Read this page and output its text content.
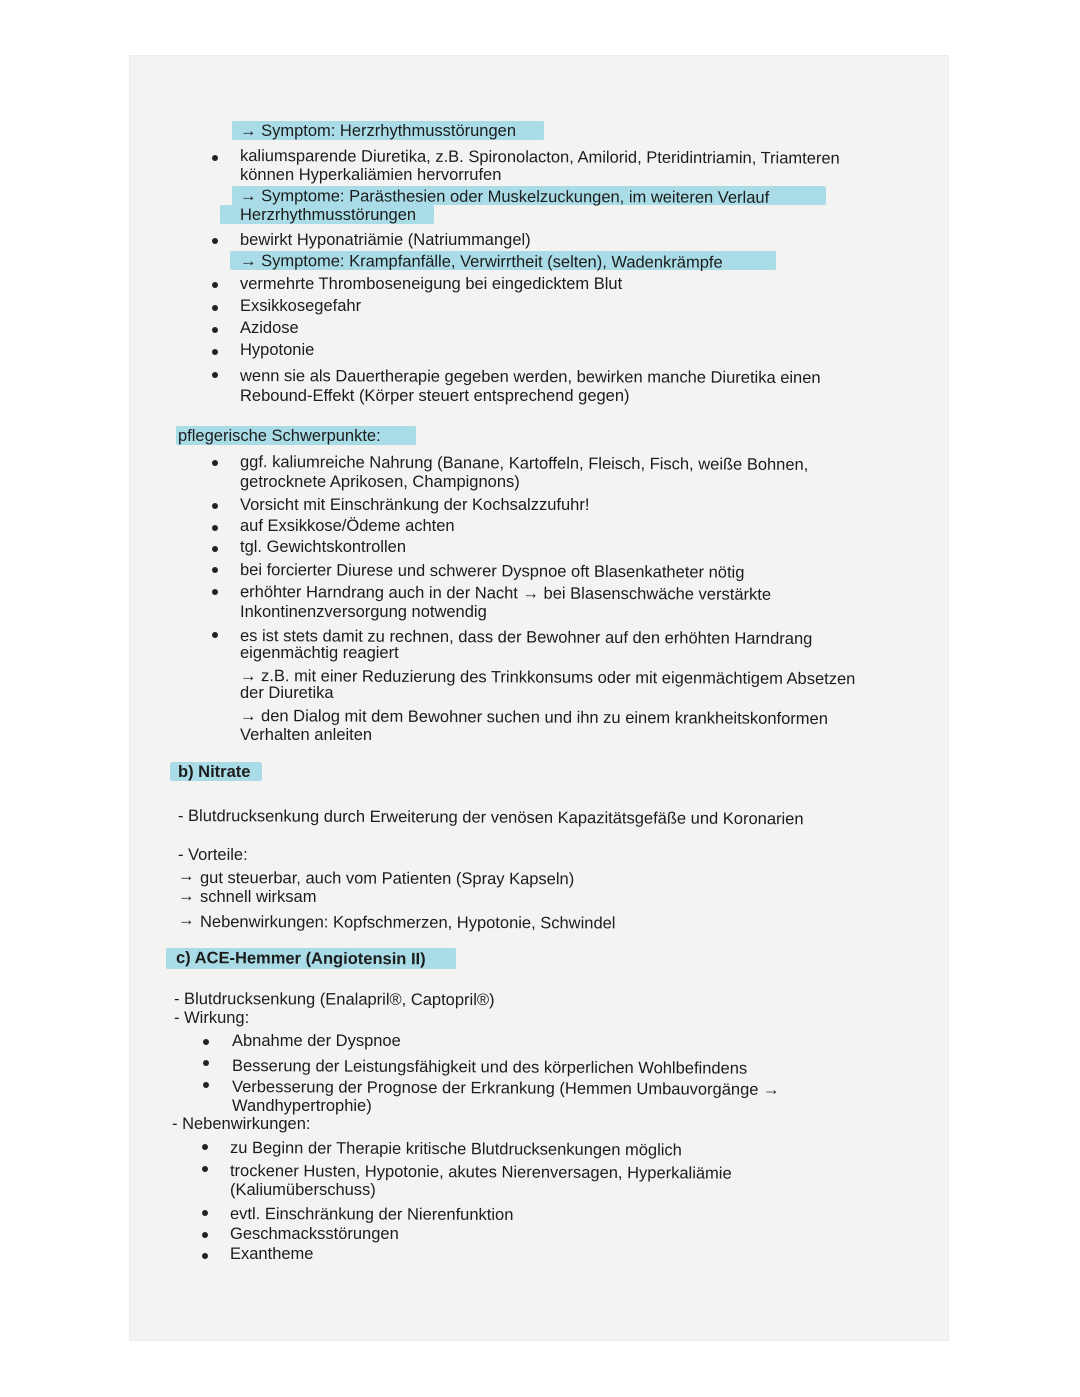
→ Symptom: Herzrhythmusstörungen
kaliumsparende Diuretika, z.B. Spironolacton, Amilorid, Pteridintriamin, Triamteren
können Hyperkaliämien hervorrufen
→ Symptome: Parästhesien oder Muskelzuckungen, im weiteren Verlauf
Herzrhythmusstörungen
bewirkt Hyponatriämie (Natriummangel)
→ Symptome: Krampfanfälle, Verwirrtheit (selten), Wadenkrämpfe
vermehrte Thromboseneigung bei eingedicktem Blut
Exsikkosegefahr
Azidose
Hypotonie
wenn sie als Dauertherapie gegeben werden, bewirken manche Diuretika einen
Rebound-Effekt (Körper steuert entsprechend gegen)
pflegerische Schwerpunkte:
ggf. kaliumreiche Nahrung (Banane, Kartoffeln, Fleisch, Fisch, weiße Bohnen,
getrocknete Aprikosen, Champignons)
Vorsicht mit Einschränkung der Kochsalzzufuhr!
auf Exsikkose/Ödeme achten
tgl. Gewichtskontrollen
bei forcierter Diurese und schwerer Dyspnoe oft Blasenkatheter nötig
erhöhter Harndrang auch in der Nacht → bei Blasenschwäche verstärkte
Inkontinenzversorgung notwendig
es ist stets damit zu rechnen, dass der Bewohner auf den erhöhten Harndrang
eigenmächtig reagiert
→ z.B. mit einer Reduzierung des Trinkkonsums oder mit eigenmächtigem Absetzen
der Diuretika
→ den Dialog mit dem Bewohner suchen und ihn zu einem krankheitskonformen
Verhalten anleiten
b) Nitrate
- Blutdrucksenkung durch Erweiterung der venösen Kapazitätsgefäße und Koronarien
- Vorteile:
→ gut steuerbar, auch vom Patienten (Spray Kapseln)
→ schnell wirksam
→ Nebenwirkungen: Kopfschmerzen, Hypotonie, Schwindel
c) ACE-Hemmer (Angiotensin II)
- Blutdrucksenkung (Enalapril®, Captopril®)
- Wirkung:
Abnahme der Dyspnoe
Besserung der Leistungsfähigkeit und des körperlichen Wohlbefindens
Verbesserung der Prognose der Erkrankung (Hemmen Umbauvorgänge →
Wandhypertrophie)
- Nebenwirkungen:
zu Beginn der Therapie kritische Blutdrucksenkungen möglich
trockener Husten, Hypotonie, akutes Nierenversagen, Hyperkaliämie
(Kaliumüberschuss)
evtl. Einschränkung der Nierenfunktion
Geschmacksstörungen
Exantheme
